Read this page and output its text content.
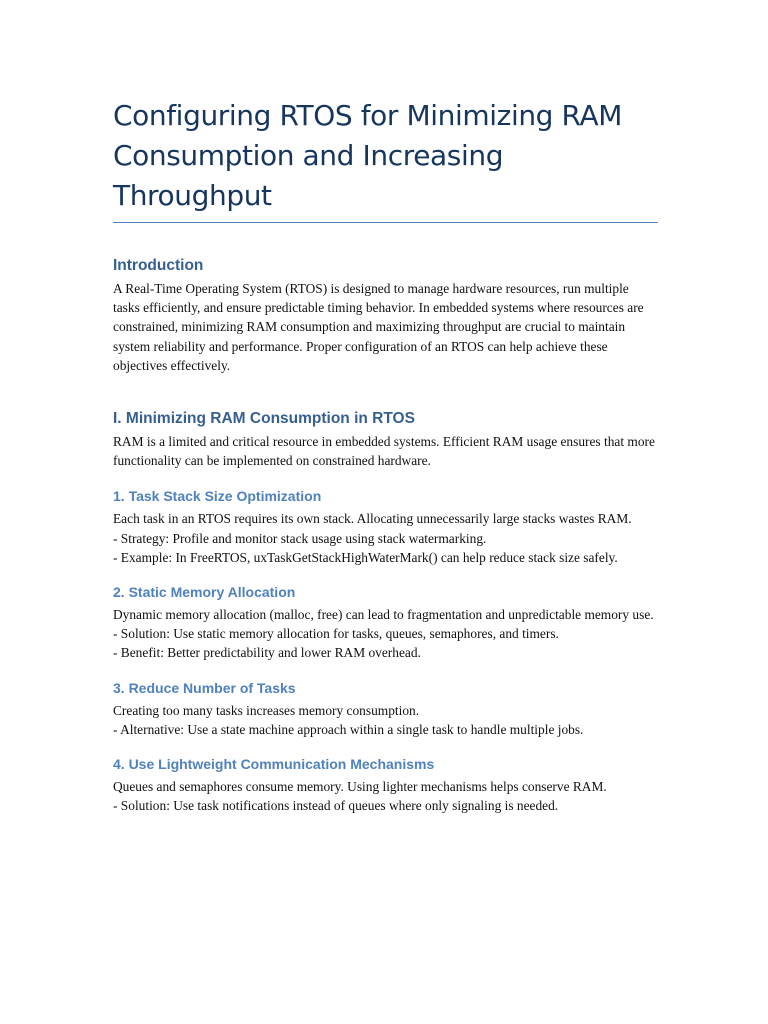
Configuring RTOS for Minimizing RAM Consumption and Increasing Throughput
Introduction

A Real-Time Operating System (RTOS) is designed to manage hardware resources, run multiple tasks efficiently, and ensure predictable timing behavior. In embedded systems where resources are constrained, minimizing RAM consumption and maximizing throughput are crucial to maintain system reliability and performance. Proper configuration of an RTOS can help achieve these objectives effectively.

I. Minimizing RAM Consumption in RTOS

RAM is a limited and critical resource in embedded systems. Efficient RAM usage ensures that more functionality can be implemented on constrained hardware.

1. Task Stack Size Optimization

Each task in an RTOS requires its own stack. Allocating unnecessarily large stacks wastes RAM.
- Strategy: Profile and monitor stack usage using stack watermarking.
- Example: In FreeRTOS, uxTaskGetStackHighWaterMark() can help reduce stack size safely.

2. Static Memory Allocation

Dynamic memory allocation (malloc, free) can lead to fragmentation and unpredictable memory use.
- Solution: Use static memory allocation for tasks, queues, semaphores, and timers.
- Benefit: Better predictability and lower RAM overhead.

3. Reduce Number of Tasks

Creating too many tasks increases memory consumption.
- Alternative: Use a state machine approach within a single task to handle multiple jobs.

4. Use Lightweight Communication Mechanisms

Queues and semaphores consume memory. Using lighter mechanisms helps conserve RAM.
- Solution: Use task notifications instead of queues where only signaling is needed.
